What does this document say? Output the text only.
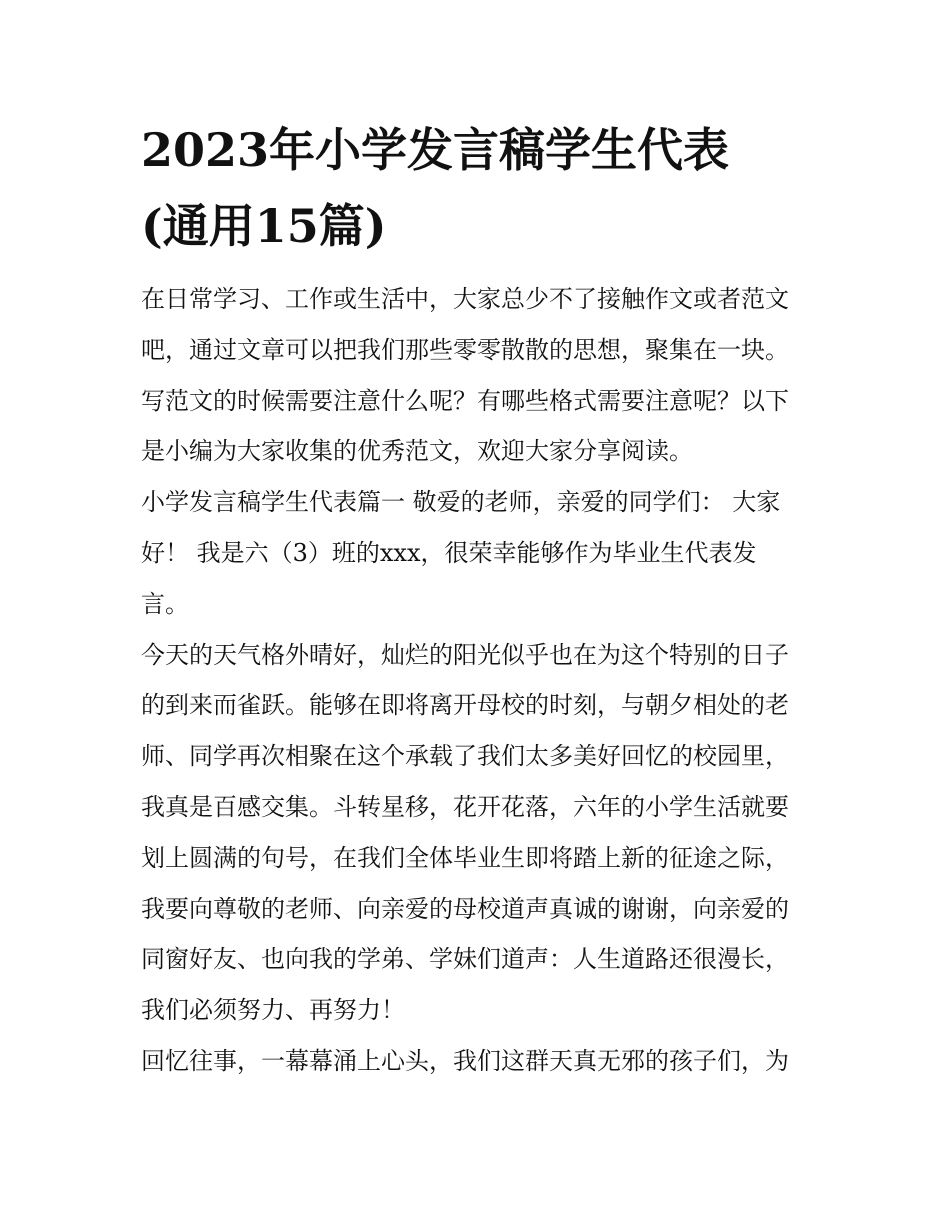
2023年小学发言稿学生代表
(通用15篇)
在日常学习、工作或生活中，大家总少不了接触作文或者范文
吧，通过文章可以把我们那些零零散散的思想，聚集在一块。
写范文的时候需要注意什么呢？有哪些格式需要注意呢？以下
是小编为大家收集的优秀范文，欢迎大家分享阅读。
小学发言稿学生代表篇一 敬爱的老师，亲爱的同学们： 大家
好！ 我是六（3）班的xxx，很荣幸能够作为毕业生代表发
言。
今天的天气格外晴好，灿烂的阳光似乎也在为这个特别的日子
的到来而雀跃。能够在即将离开母校的时刻，与朝夕相处的老
师、同学再次相聚在这个承载了我们太多美好回忆的校园里，
我真是百感交集。斗转星移，花开花落，六年的小学生活就要
划上圆满的句号，在我们全体毕业生即将踏上新的征途之际，
我要向尊敬的老师、向亲爱的母校道声真诚的谢谢，向亲爱的
同窗好友、也向我的学弟、学妹们道声：人生道路还很漫长，
我们必须努力、再努力！
回忆往事，一幕幕涌上心头，我们这群天真无邪的孩子们，为
